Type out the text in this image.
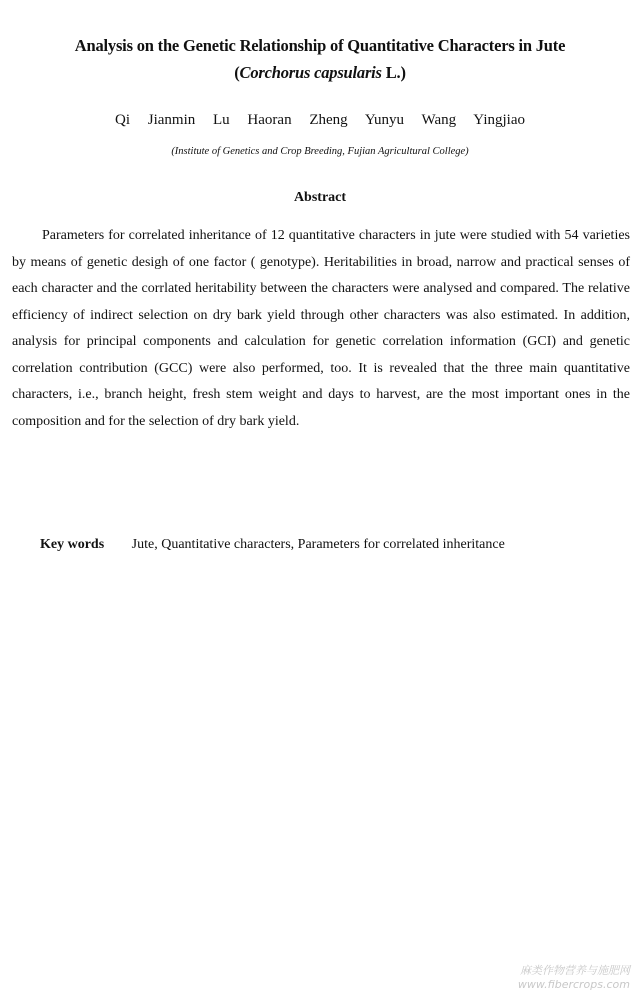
Analysis on the Genetic Relationship of Quantitative Characters in Jute (Corchorus capsularis L.)
Qi Jianmin Lu Haoran Zheng Yunyu Wang Yingjiao
(Institute of Genetics and Crop Breeding, Fujian Agricultural College)
Abstract

Parameters for correlated inheritance of 12 quantitative characters in jute were studied with 54 varieties by means of genetic desigh of one factor ( genotype). Heritabilities in broad, narrow and practical senses of each character and the corrlated heritability between the characters were analysed and compared. The relative efficiency of indirect selection on dry bark yield through other characters was also estimated. In addition, analysis for principal components and calculation for genetic correlation information (GCI) and genetic correlation contribution (GCC) were also performed, too. It is revealed that the three main quantitative characters, i.e., branch height, fresh stem weight and days to harvest, are the most important ones in the composition and for the selection of dry bark yield.

Key words Jute, Quantitative characters, Parameters for correlated inheritance
麻类作物营养与施肥网
www.fibercrops.com
